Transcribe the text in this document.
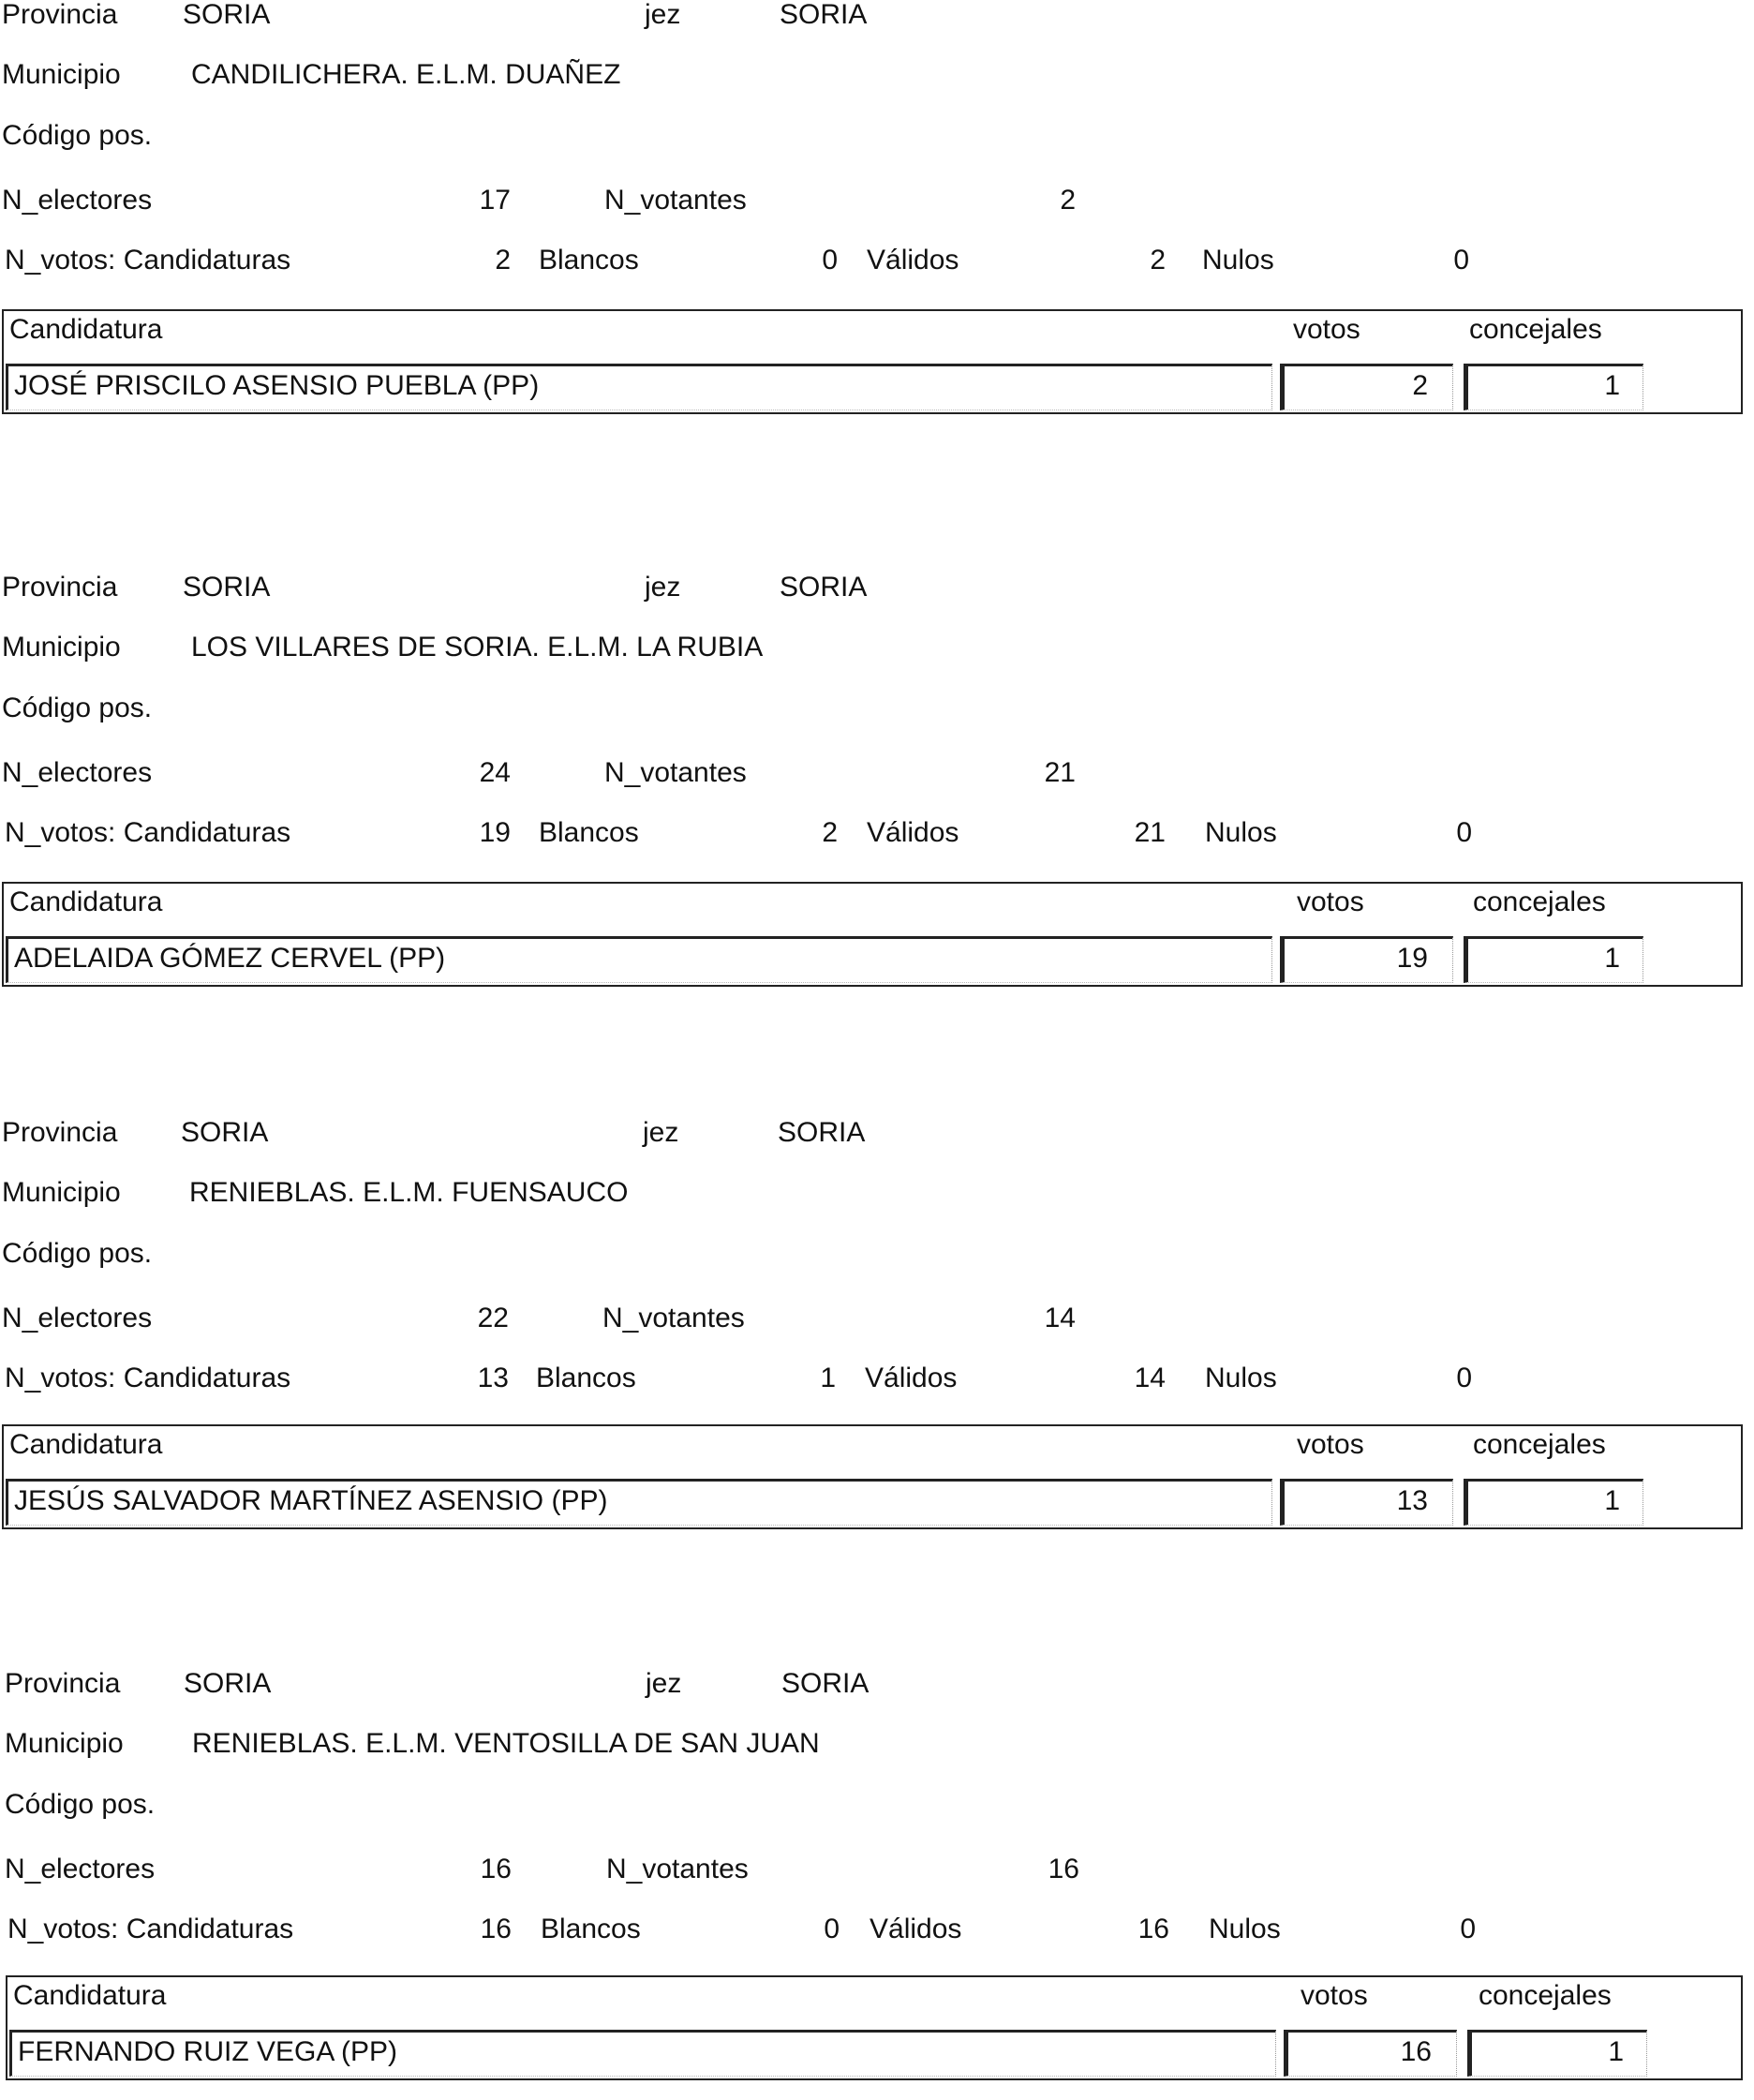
Provincia SORIA	jez	SORIA
Municipio	CANDILICHERA. E.L.M. DUAÑEZ
Código pos.
N_electores	17	N_votantes	2
N_votos: Candidaturas	2 Blancos	0 Válidos	2 Nulos	0
Candidatura	votos	concejales
JOSÉ PRISCILO ASENSIO PUEBLA (PP)	2	1
Provincia SORIA	jez	SORIA
Municipio	LOS VILLARES DE SORIA. E.L.M. LA RUBIA
Código pos.
N_electores	24	N_votantes	21
N_votos: Candidaturas	19 Blancos	2 Válidos	21 Nulos	0
Candidatura	votos	concejales
ADELAIDA GÓMEZ CERVEL (PP)	19	1
Provincia SORIA	jez	SORIA
Municipio RENIEBLAS. E.L.M. FUENSAUCO
Código pos.
N_electores	22	N_votantes	14
N_votos: Candidaturas	13 Blancos	1 Válidos	14 Nulos	0
Candidatura	votos	concejales
JESÚS SALVADOR MARTÍNEZ ASENSIO (PP)	13	1
Provincia SORIA	jez	SORIA
Municipio RENIEBLAS. E.L.M. VENTOSILLA DE SAN JUAN
Código pos.
N_electores	16	N_votantes	16
N_votos: Candidaturas	16 Blancos	0 Válidos	16 Nulos	0
Candidatura	votos	concejales
FERNANDO RUIZ VEGA (PP)	16	1
